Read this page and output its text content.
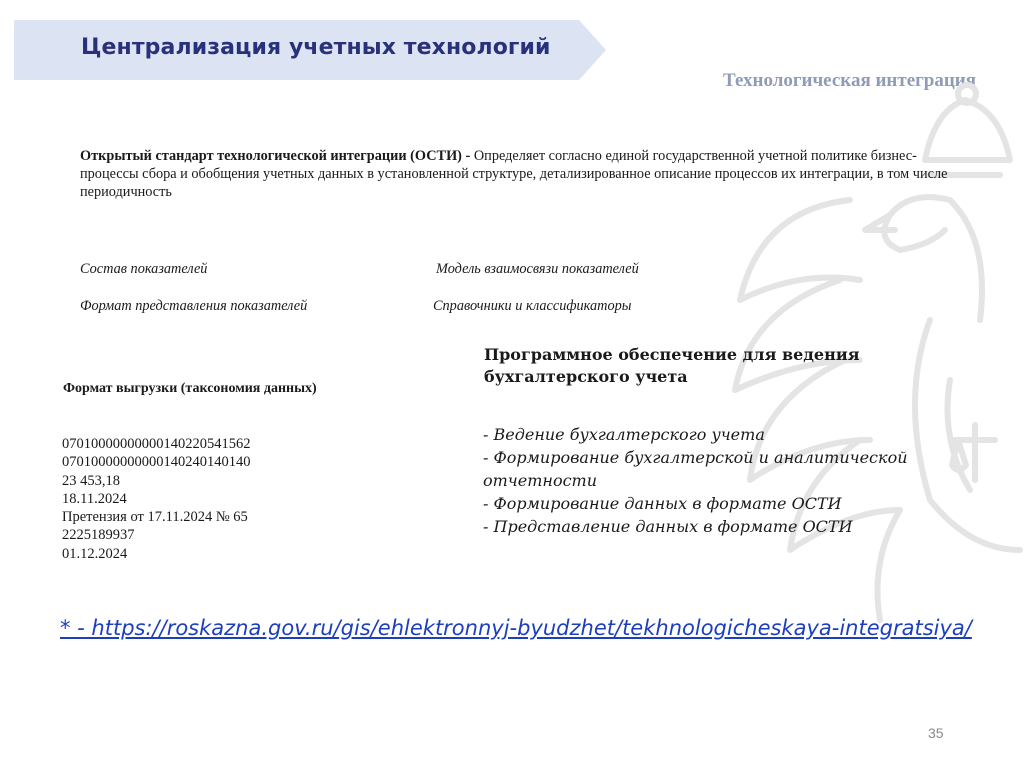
Централизация учетных технологий
Технологическая интеграция
Открытый стандарт технологической интеграции (ОСТИ) - Определяет согласно единой государственной учетной политике бизнес-процессы сбора и обобщения учетных данных в установленной структуре, детализированное описание процессов их интеграции, в том числе периодичность
Состав показателей	Модель взаимосвязи показателей
Формат представления показателей	Справочники и классификаторы
Формат выгрузки (таксономия данных)
07010000000000140220541562
07010000000000140240140140
23 453,18
18.11.2024
Претензия от 17.11.2024 № 65
2225189937
01.12.2024
Программное обеспечение для ведения бухгалтерского учета
- Ведение бухгалтерского учета
- Формирование бухгалтерской и аналитической отчетности
- Формирование данных в формате ОСТИ
- Представление данных в формате ОСТИ
* - https://roskazna.gov.ru/gis/ehlektronnyj-byudzhet/tekhnologicheskaya-integratsiya/
35
